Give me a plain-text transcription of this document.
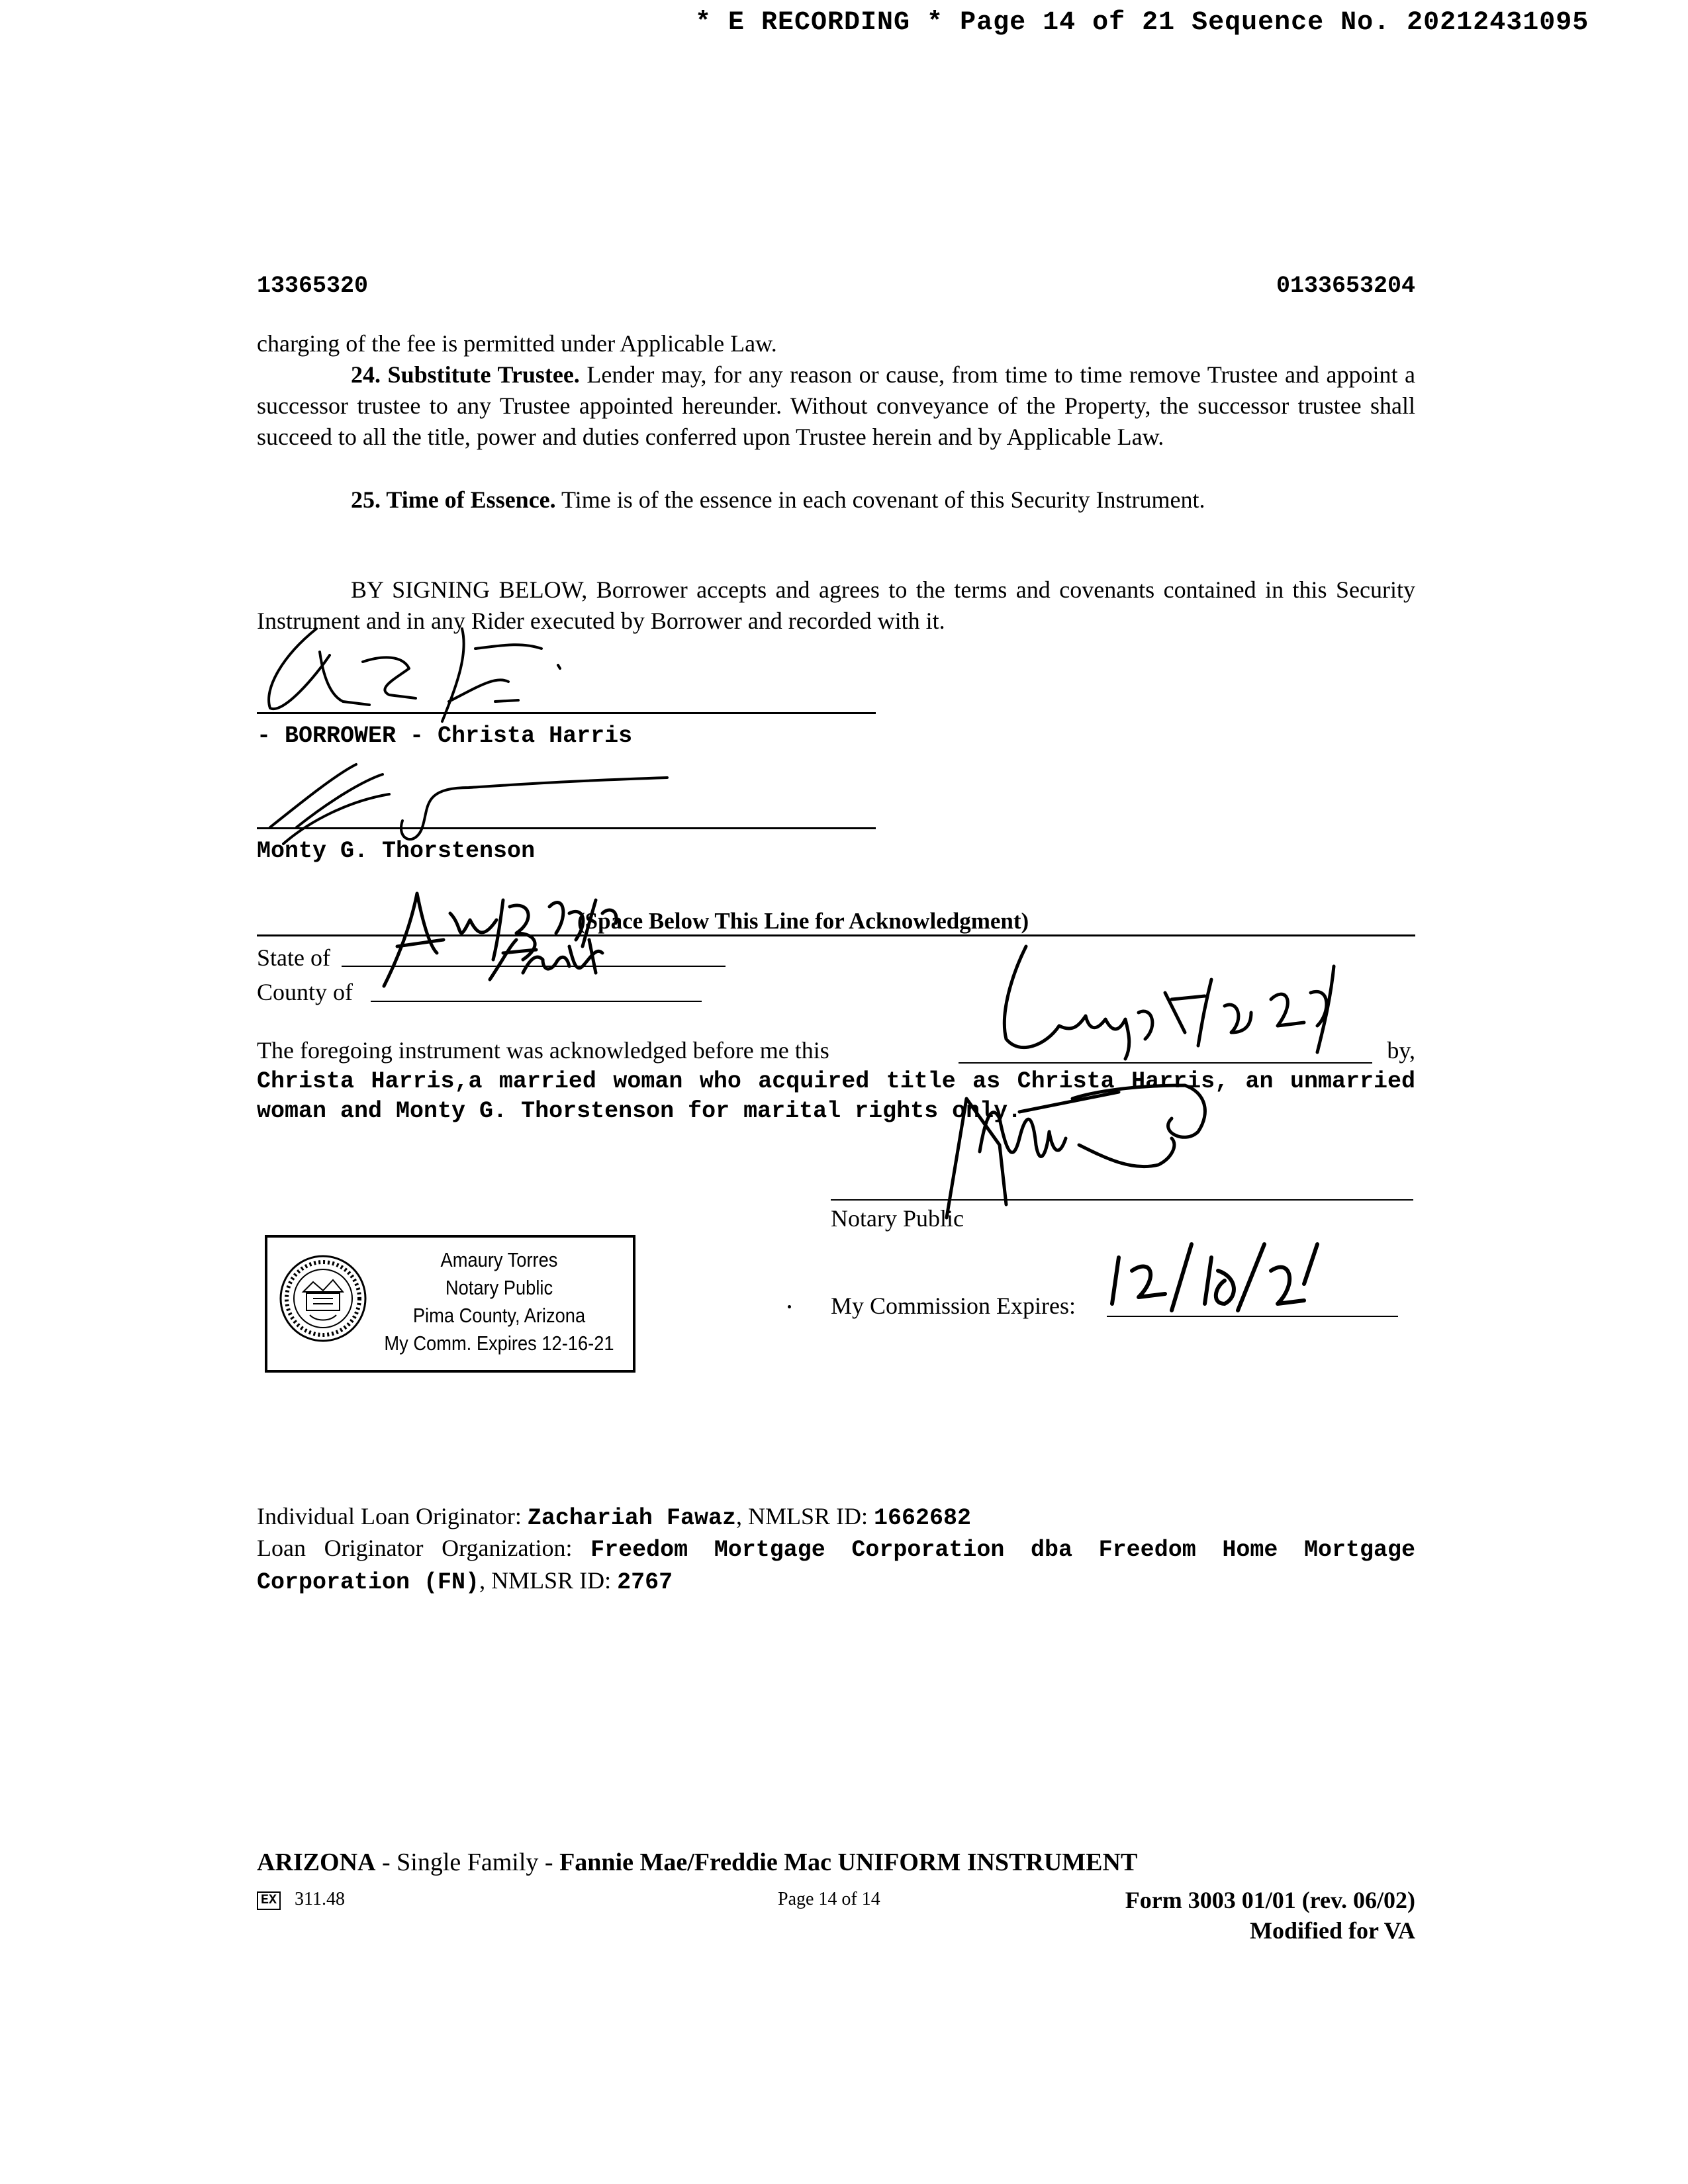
* E RECORDING * Page 14 of 21 Sequence No. 20212431095
13365320	0133653204
charging of the fee is permitted under Applicable Law.
24. Substitute Trustee. Lender may, for any reason or cause, from time to time remove Trustee and appoint a successor trustee to any Trustee appointed hereunder. Without conveyance of the Property, the successor trustee shall succeed to all the title, power and duties conferred upon Trustee herein and by Applicable Law.
25. Time of Essence. Time is of the essence in each covenant of this Security Instrument.
BY SIGNING BELOW, Borrower accepts and agrees to the terms and covenants contained in this Security Instrument and in any Rider executed by Borrower and recorded with it.
- BORROWER - Christa Harris
Monty G. Thorstenson
(Space Below This Line for Acknowledgment)
State of
County of
The foregoing instrument was acknowledged before me this	by,
Christa Harris,a married woman who acquired title as Christa Harris, an unmarried woman and Monty G. Thorstenson for marital rights only.
Notary Public
My Commission Expires:
Amaury Torres
Notary Public
Pima County, Arizona
My Comm. Expires 12-16-21
Individual Loan Originator: Zachariah Fawaz, NMLSR ID: 1662682
Loan Originator Organization: Freedom Mortgage Corporation dba Freedom Home Mortgage Corporation (FN), NMLSR ID: 2767
ARIZONA - Single Family - Fannie Mae/Freddie Mac UNIFORM INSTRUMENT
EX 311.48	Page 14 of 14	Form 3003 01/01 (rev. 06/02)
Modified for VA
